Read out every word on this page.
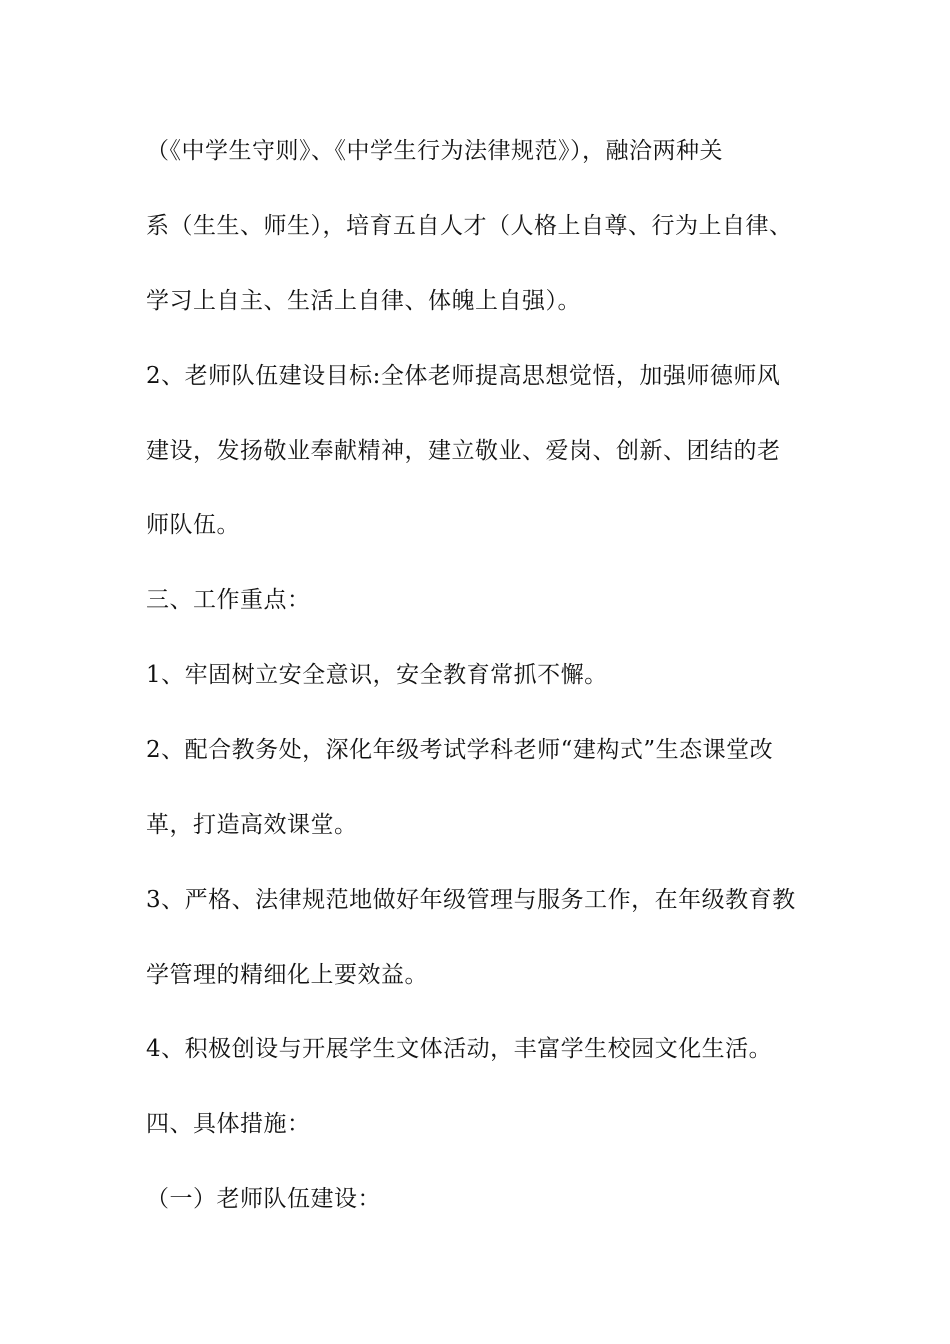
（《中学生守则》、《中学生行为法律规范》），融洽两种关
系（生生、师生），培育五自人才（人格上自尊、行为上自律、
学习上自主、生活上自律、体魄上自强）。
2、老师队伍建设目标:全体老师提高思想觉悟，加强师德师风
建设，发扬敬业奉献精神，建立敬业、爱岗、创新、团结的老
师队伍。
三、工作重点：
1、牢固树立安全意识，安全教育常抓不懈。
2、配合教务处，深化年级考试学科老师“建构式”生态课堂改
革，打造高效课堂。
3、严格、法律规范地做好年级管理与服务工作，在年级教育教
学管理的精细化上要效益。
4、积极创设与开展学生文体活动，丰富学生校园文化生活。
四、具体措施：
（一）老师队伍建设：
